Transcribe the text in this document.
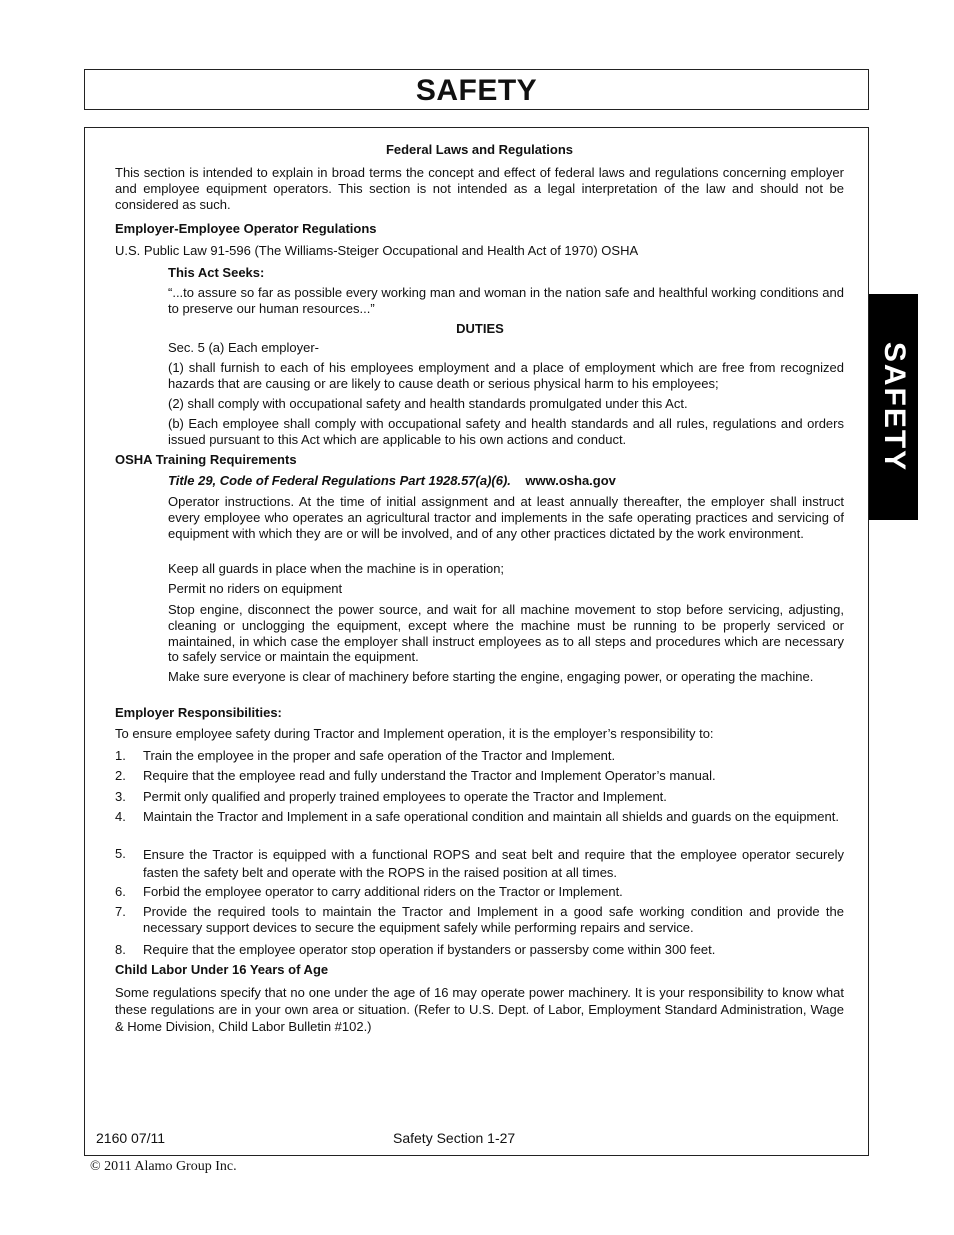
SAFETY
SAFETY
Federal Laws and Regulations
This section is intended to explain in broad terms the concept and effect of federal laws and regulations concerning employer and employee equipment operators. This section is not intended as a legal interpretation of the law and should not be considered as such.
Employer-Employee Operator Regulations
U.S. Public Law 91-596 (The Williams-Steiger Occupational and Health Act of 1970) OSHA
This Act Seeks:
“...to assure so far as possible every working man and woman in the nation safe and healthful working conditions and to preserve our human resources...”
DUTIES
Sec. 5 (a) Each employer-
(1) shall furnish to each of his employees employment and a place of employment which are free from recognized hazards that are causing or are likely to cause death or serious physical harm to his employees;
(2) shall comply with occupational safety and health standards promulgated under this Act.
(b) Each employee shall comply with occupational safety and health standards and all rules, regulations and orders issued pursuant to this Act which are applicable to his own actions and conduct.
OSHA Training Requirements
Title 29, Code of Federal Regulations Part 1928.57(a)(6). www.osha.gov
Operator instructions. At the time of initial assignment and at least annually thereafter, the employer shall instruct every employee who operates an agricultural tractor and implements in the safe operating practices and servicing of equipment with which they are or will be involved, and of any other practices dictated by the work environment.
Keep all guards in place when the machine is in operation;
Permit no riders on equipment
Stop engine, disconnect the power source, and wait for all machine movement to stop before servicing, adjusting, cleaning or unclogging the equipment, except where the machine must be running to be properly serviced or maintained, in which case the employer shall instruct employees as to all steps and procedures which are necessary to safely service or maintain the equipment.
Make sure everyone is clear of machinery before starting the engine, engaging power, or operating the machine.
Employer Responsibilities:
To ensure employee safety during Tractor and Implement operation, it is the employer’s responsibility to:
1. Train the employee in the proper and safe operation of the Tractor and Implement.
2. Require that the employee read and fully understand the Tractor and Implement Operator’s manual.
3. Permit only qualified and properly trained employees to operate the Tractor and Implement.
4. Maintain the Tractor and Implement in a safe operational condition and maintain all shields and guards on the equipment.
5. Ensure the Tractor is equipped with a functional ROPS and seat belt and require that the employee operator securely fasten the safety belt and operate with the ROPS in the raised position at all times.
6. Forbid the employee operator to carry additional riders on the Tractor or Implement.
7. Provide the required tools to maintain the Tractor and Implement in a good safe working condition and provide the necessary support devices to secure the equipment safely while performing repairs and service.
8. Require that the employee operator stop operation if bystanders or passersby come within 300 feet.
Child Labor Under 16 Years of Age
Some regulations specify that no one under the age of 16 may operate power machinery. It is your responsibility to know what these regulations are in your own area or situation. (Refer to U.S. Dept. of Labor, Employment Standard Administration, Wage & Home Division, Child Labor Bulletin #102.)
2160 07/11	Safety Section 1-27
© 2011 Alamo Group Inc.
